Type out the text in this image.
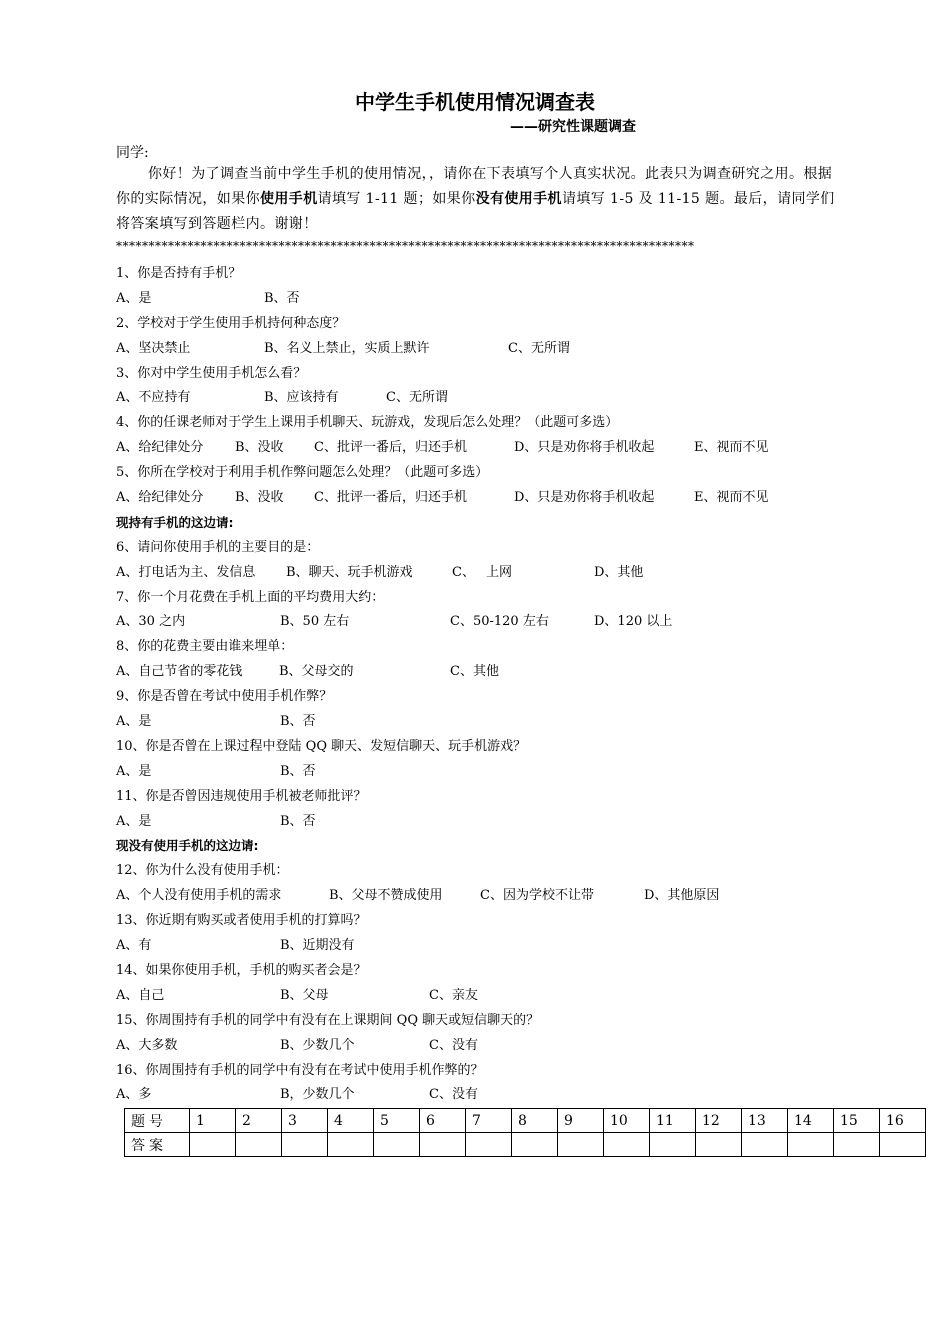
中学生手机使用情况调查表
——研究性课题调查
同学:
你好！为了调查当前中学生手机的使用情况，，请你在下表填写个人真实状况。此表只为调查研究之用。根据你的实际情况，如果你使用手机请填写 1-11 题；如果你没有使用手机请填写 1-5 及 11-15 题。最后，请同学们将答案填写到答题栏内。谢谢！
*****************************************************************************************
1、你是否持有手机？
A、是	B、否
2、学校对于学生使用手机持何种态度？
A、坚决禁止	B、名义上禁止，实质上默许	C、无所谓
3、你对中学生使用手机怎么看？
A、不应持有	B、应该持有	C、无所谓
4、你的任课老师对于学生上课用手机聊天、玩游戏，发现后怎么处理？（此题可多选）
A、给纪律处分 B、没收 C、批评一番后，归还手机	D、只是劝你将手机收起	E、视而不见
5、你所在学校对于利用手机作弊问题怎么处理？（此题可多选）
A、给纪律处分 B、没收 C、批评一番后，归还手机	D、只是劝你将手机收起	E、视而不见
现持有手机的这边请:
6、请问你使用手机的主要目的是：
A、打电话为主、发信息 B、聊天、玩手机游戏	C、 上网	D、其他
7、你一个月花费在手机上面的平均费用大约：
A、30 之内	B、50 左右	C、50-120 左右	D、120 以上
8、你的花费主要由谁来埋单：
A、自己节省的零花钱	B、父母交的	C、其他
9、你是否曾在考试中使用手机作弊？
A、是	B、否
10、你是否曾在上课过程中登陆 QQ 聊天、发短信聊天、玩手机游戏？
A、是	B、否
11、你是否曾因违规使用手机被老师批评？
A、是	B、否
现没有使用手机的这边请:
12、你为什么没有使用手机：
A、个人没有使用手机的需求	B、父母不赞成使用	C、因为学校不让带	D、其他原因
13、你近期有购买或者使用手机的打算吗？
A、有	B、近期没有
14、如果你使用手机，手机的购买者会是？
A、自己	B、父母	C、亲友
15、你周围持有手机的同学中有没有在上课期间 QQ 聊天或短信聊天的？
A、大多数	B、少数几个	C、没有
16、你周围持有手机的同学中有没有在考试中使用手机作弊的？
A、多	B，少数几个	C、没有
题号	1	2	3	4	5	6	7	8	9	10	11	12	13	14	15	16
答案																
